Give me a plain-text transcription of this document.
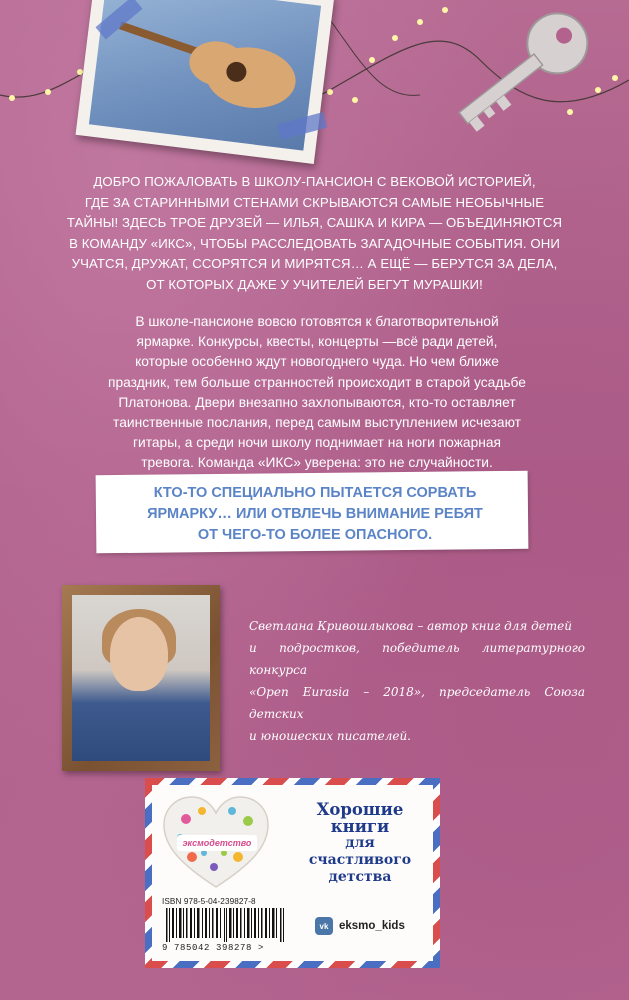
ДОБРО ПОЖАЛОВАТЬ В ШКОЛУ-ПАНСИОН С ВЕКОВОЙ ИСТОРИЕЙ,
ГДЕ ЗА СТАРИННЫМИ СТЕНАМИ СКРЫВАЮТСЯ САМЫЕ НЕОБЫЧНЫЕ
ТАЙНЫ! ЗДЕСЬ ТРОЕ ДРУЗЕЙ — ИЛЬЯ, САШКА И КИРА — ОБЪЕДИНЯЮТСЯ
В КОМАНДУ «ИКС», ЧТОБЫ РАССЛЕДОВАТЬ ЗАГАДОЧНЫЕ СОБЫТИЯ. ОНИ
УЧАТСЯ, ДРУЖАТ, ССОРЯТСЯ И МИРЯТСЯ… А ЕЩЁ — БЕРУТСЯ ЗА ДЕЛА,
ОТ КОТОРЫХ ДАЖЕ У УЧИТЕЛЕЙ БЕГУТ МУРАШКИ!
В школе-пансионе вовсю готовятся к благотворительной
ярмарке. Конкурсы, квесты, концерты —всё ради детей,
которые особенно ждут новогоднего чуда. Но чем ближе
праздник, тем больше странностей происходит в старой усадьбе
Платонова. Двери внезапно захлопываются, кто-то оставляет
таинственные послания, перед самым выступлением исчезают
гитары, а среди ночи школу поднимает на ноги пожарная
тревога. Команда «ИКС» уверена: это не случайности.
КТО-ТО СПЕЦИАЛЬНО ПЫТАЕТСЯ СОРВАТЬ
ЯРМАРКУ… ИЛИ ОТВЛЕЧЬ ВНИМАНИЕ РЕБЯТ
ОТ ЧЕГО-ТО БОЛЕЕ ОПАСНОГО.
Светлана Кривошлыкова – автор книг для детей
и подростков, победитель литературного конкурса
«Open Eurasia – 2018», председатель Союза детских
и юношеских писателей.
эксмодетство
Хорошие
книги
для счастливого
детства
ISBN 978-5-04-239827-8
9 785042 398278 >
vk eksmo_kids
